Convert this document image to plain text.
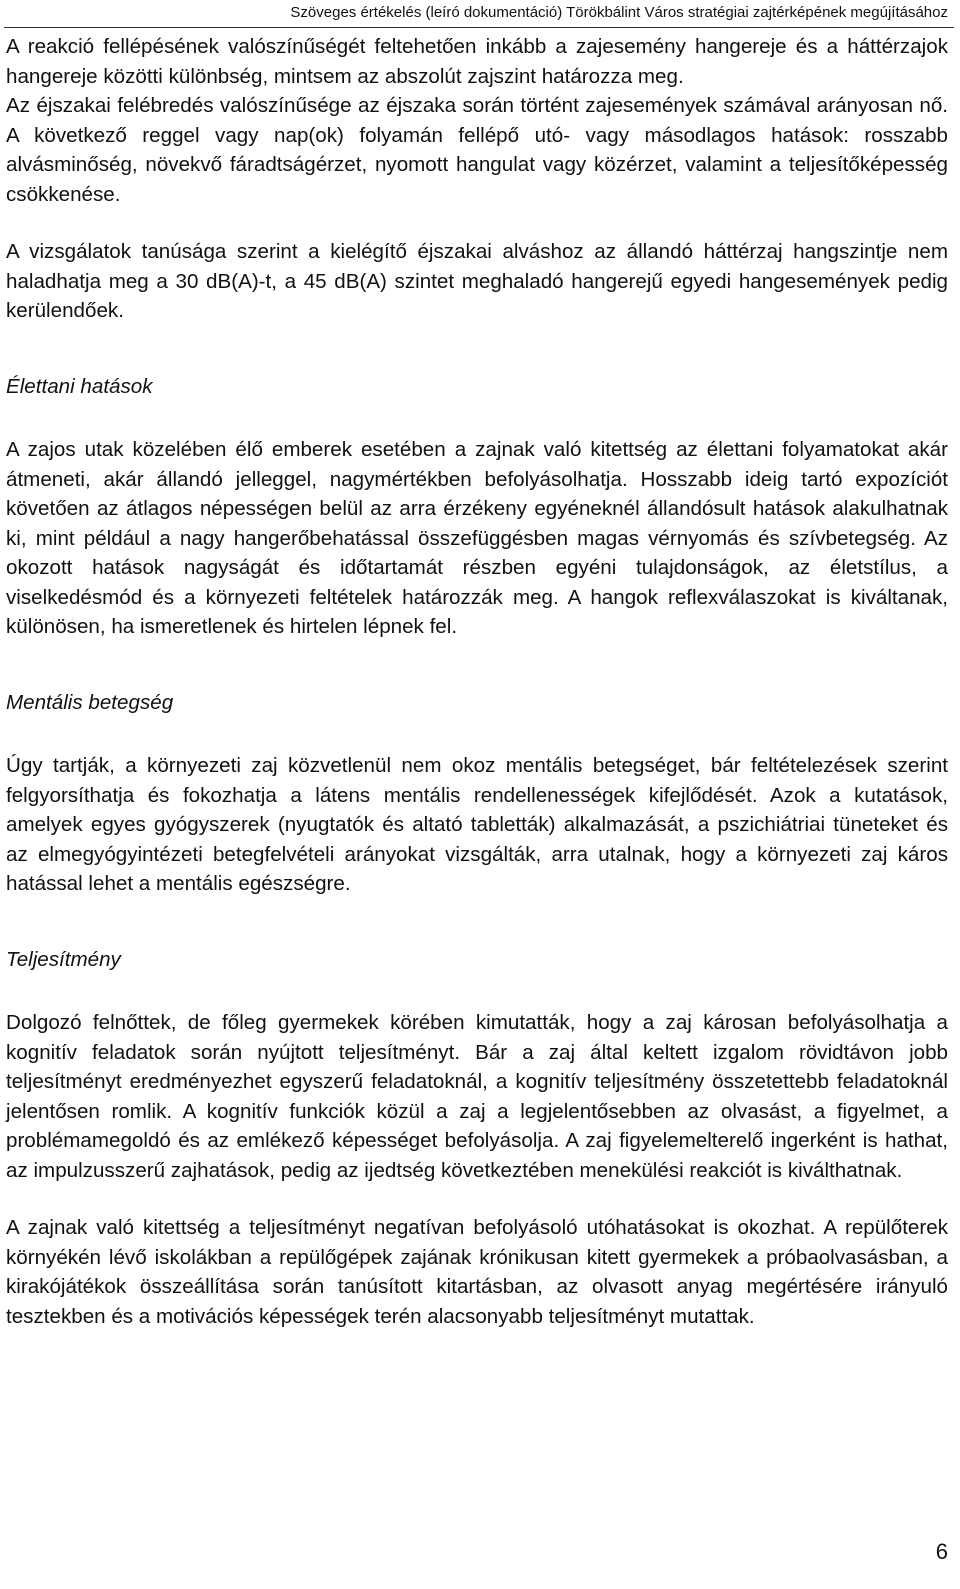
Szöveges értékelés (leíró dokumentáció) Törökbálint Város stratégiai zajtérképének megújításához

A reakció fellépésének valószínűségét feltehetően inkább a zajesemény hangereje és a háttérzajok hangereje közötti különbség, mintsem az abszolút zajszint határozza meg.

Az éjszakai felébredés valószínűsége az éjszaka során történt zajesemények számával arányosan nő. A következő reggel vagy nap(ok) folyamán fellépő utó- vagy másodlagos hatások: rosszabb alvásminőség, növekvő fáradtságérzet, nyomott hangulat vagy közérzet, valamint a teljesítőképesség csökkenése.

A vizsgálatok tanúsága szerint a kielégítő éjszakai alváshoz az állandó háttérzaj hangszintje nem haladhatja meg a 30 dB(A)-t, a 45 dB(A) szintet meghaladó hangerejű egyedi hangesemények pedig kerülendőek.

Élettani hatások

A zajos utak közelében élő emberek esetében a zajnak való kitettség az élettani folyamatokat akár átmeneti, akár állandó jelleggel, nagymértékben befolyásolhatja. Hosszabb ideig tartó expozíciót követően az átlagos népességen belül az arra érzékeny egyéneknél állandósult hatások alakulhatnak ki, mint például a nagy hangerőbehatással összefüggésben magas vérnyomás és szívbetegség. Az okozott hatások nagyságát és időtartamát részben egyéni tulajdonságok, az életstílus, a viselkedésmód és a környezeti feltételek határozzák meg. A hangok reflexválaszokat is kiváltanak, különösen, ha ismeretlenek és hirtelen lépnek fel.

Mentális betegség

Úgy tartják, a környezeti zaj közvetlenül nem okoz mentális betegséget, bár feltételezések szerint felgyorsíthatja és fokozhatja a látens mentális rendellenességek kifejlődését. Azok a kutatások, amelyek egyes gyógyszerek (nyugtatók és altató tabletták) alkalmazását, a pszichiátriai tüneteket és az elmegyógyintézeti betegfelvételi arányokat vizsgálták, arra utalnak, hogy a környezeti zaj káros hatással lehet a mentális egészségre.

Teljesítmény

Dolgozó felnőttek, de főleg gyermekek körében kimutatták, hogy a zaj károsan befolyásolhatja a kognitív feladatok során nyújtott teljesítményt. Bár a zaj által keltett izgalom rövidtávon jobb teljesítményt eredményezhet egyszerű feladatoknál, a kognitív teljesítmény összetettebb feladatoknál jelentősen romlik. A kognitív funkciók közül a zaj a legjelentősebben az olvasást, a figyelmet, a problémamegoldó és az emlékező képességet befolyásolja. A zaj figyelemelterelő ingerként is hathat, az impulzusszerű zajhatások, pedig az ijedtség következtében menekülési reakciót is kiválthatnak.

A zajnak való kitettség a teljesítményt negatívan befolyásoló utóhatásokat is okozhat. A repülőterek környékén lévő iskolákban a repülőgépek zajának krónikusan kitett gyermekek a próbaolvasásban, a kirakójátékok összeállítása során tanúsított kitartásban, az olvasott anyag megértésére irányuló tesztekben és a motivációs képességek terén alacsonyabb teljesítményt mutattak.

6
